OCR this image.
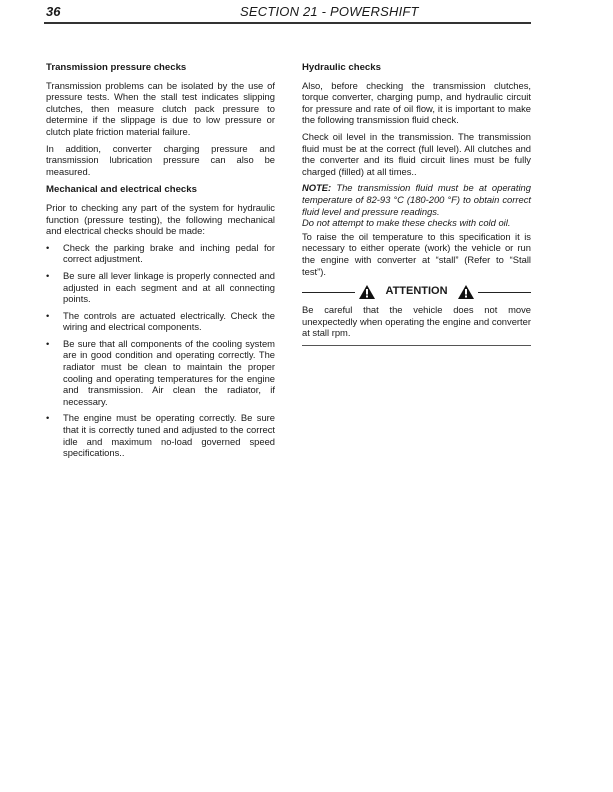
36	SECTION 21 - POWERSHIFT
Transmission pressure checks

Transmission problems can be isolated by the use of pressure tests. When the stall test indicates slipping clutches, then measure clutch pack pressure to determine if the slippage is due to low pressure or clutch plate friction material failure.

In addition, converter charging pressure and transmission lubrication pressure can also be measured.

Mechanical and electrical checks

Prior to checking any part of the system for hydraulic function (pressure testing), the following mechanical and electrical checks should be made:

• Check the parking brake and inching pedal for correct adjustment.
• Be sure all lever linkage is properly connected and adjusted in each segment and at all connecting points.
• The controls are actuated electrically. Check the wiring and electrical components.
• Be sure that all components of the cooling system are in good condition and operating correctly. The radiator must be clean to maintain the proper cooling and operating temperatures for the engine and transmission. Air clean the radiator, if necessary.
• The engine must be operating correctly. Be sure that it is correctly tuned and adjusted to the correct idle and maximum no-load governed speed specifications..
Hydraulic checks

Also, before checking the transmission clutches, torque converter, charging pump, and hydraulic circuit for pressure and rate of oil flow, it is important to make the following transmission fluid check.

Check oil level in the transmission. The transmission fluid must be at the correct (full level). All clutches and the converter and its fluid circuit lines must be fully charged (filled) at all times..

NOTE: The transmission fluid must be at operating temperature of 82-93 °C (180-200 °F) to obtain correct fluid level and pressure readings.

Do not attempt to make these checks with cold oil.

To raise the oil temperature to this specification it is necessary to either operate (work) the vehicle or run the engine with converter at “stall” (Refer to “Stall test”).

ATTENTION

Be careful that the vehicle does not move unexpectedly when operating the engine and converter at stall rpm.
